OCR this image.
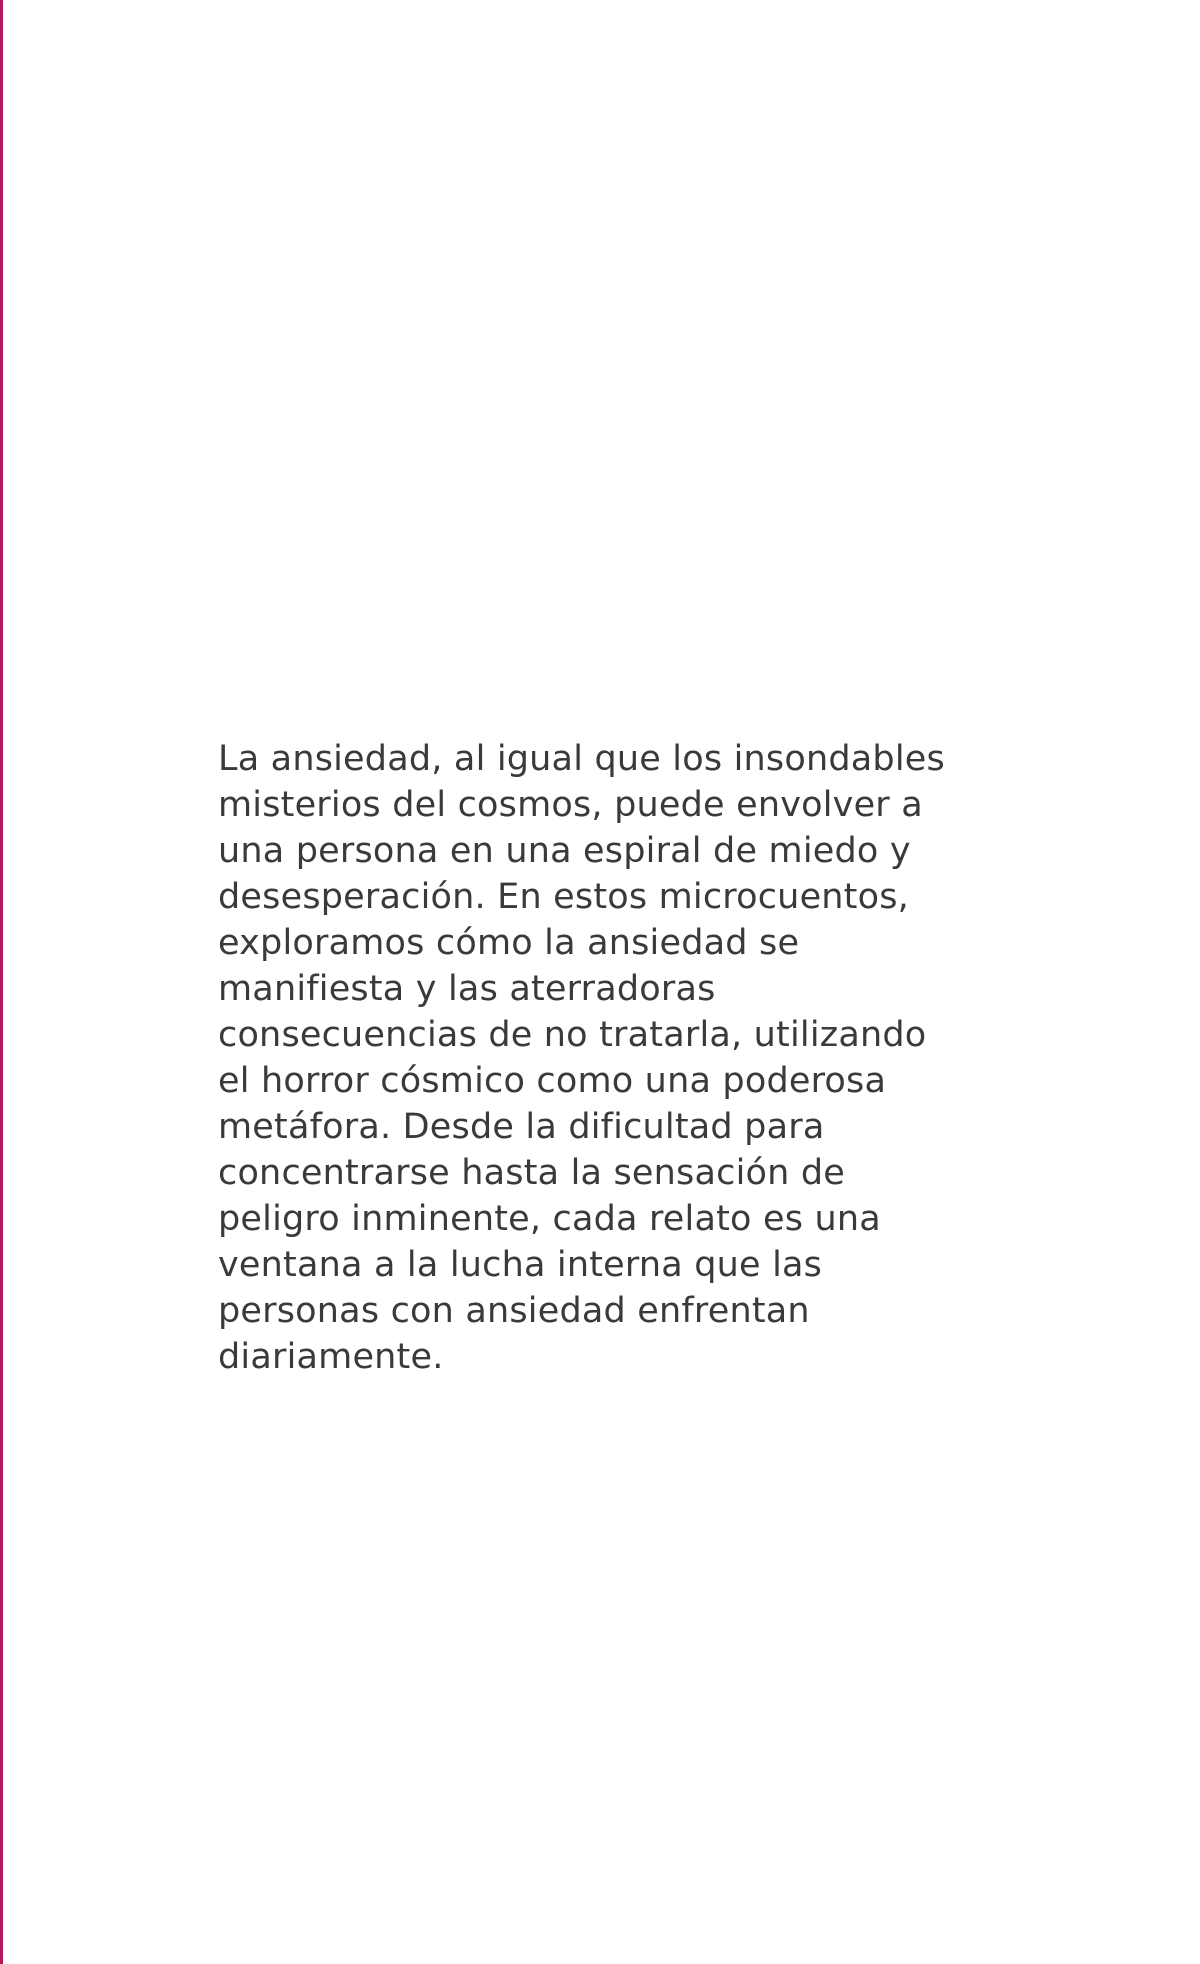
La ansiedad, al igual que los insondables
misterios del cosmos, puede envolver a
una persona en una espiral de miedo y
desesperación. En estos microcuentos,
exploramos cómo la ansiedad se
manifiesta y las aterradoras
consecuencias de no tratarla, utilizando
el horror cósmico como una poderosa
metáfora. Desde la dificultad para
concentrarse hasta la sensación de
peligro inminente, cada relato es una
ventana a la lucha interna que las
personas con ansiedad enfrentan
diariamente.
